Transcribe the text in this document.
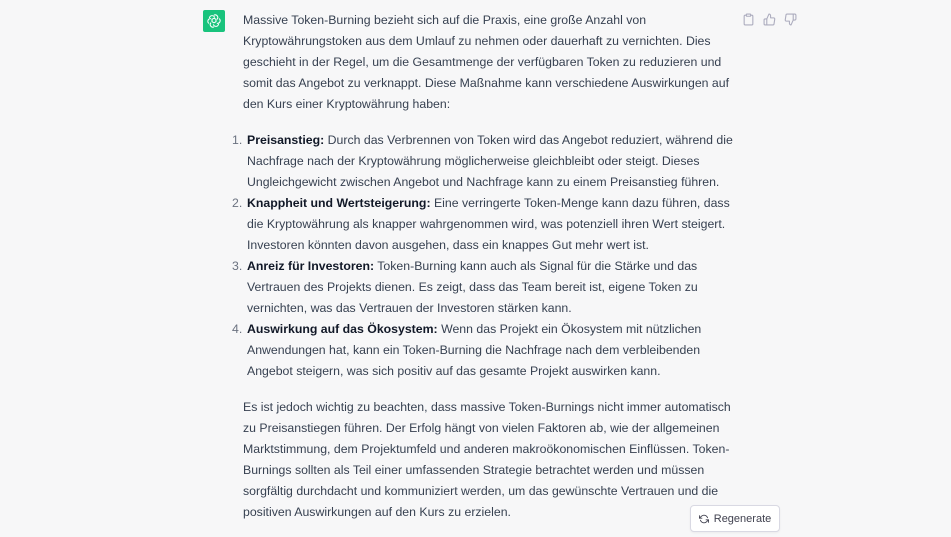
Massive Token-Burning bezieht sich auf die Praxis, eine große Anzahl von Kryptowährungstoken aus dem Umlauf zu nehmen oder dauerhaft zu vernichten. Dies geschieht in der Regel, um die Gesamtmenge der verfügbaren Token zu reduzieren und somit das Angebot zu verknappt. Diese Maßnahme kann verschiedene Auswirkungen auf den Kurs einer Kryptowährung haben:

1. Preisanstieg: Durch das Verbrennen von Token wird das Angebot reduziert, während die Nachfrage nach der Kryptowährung möglicherweise gleichbleibt oder steigt. Dieses Ungleichgewicht zwischen Angebot und Nachfrage kann zu einem Preisanstieg führen.
2. Knappheit und Wertsteigerung: Eine verringerte Token-Menge kann dazu führen, dass die Kryptowährung als knapper wahrgenommen wird, was potenziell ihren Wert steigert. Investoren könnten davon ausgehen, dass ein knappes Gut mehr wert ist.
3. Anreiz für Investoren: Token-Burning kann auch als Signal für die Stärke und das Vertrauen des Projekts dienen. Es zeigt, dass das Team bereit ist, eigene Token zu vernichten, was das Vertrauen der Investoren stärken kann.
4. Auswirkung auf das Ökosystem: Wenn das Projekt ein Ökosystem mit nützlichen Anwendungen hat, kann ein Token-Burning die Nachfrage nach dem verbleibenden Angebot steigern, was sich positiv auf das gesamte Projekt auswirken kann.

Es ist jedoch wichtig zu beachten, dass massive Token-Burnings nicht immer automatisch zu Preisanstiegen führen. Der Erfolg hängt von vielen Faktoren ab, wie der allgemeinen Marktstimmung, dem Projektumfeld und anderen makroökonomischen Einflüssen. Token-Burnings sollten als Teil einer umfassenden Strategie betrachtet werden und müssen sorgfältig durchdacht und kommuniziert werden, um das gewünschte Vertrauen und die positiven Auswirkungen auf den Kurs zu erzielen.	Regenerate
